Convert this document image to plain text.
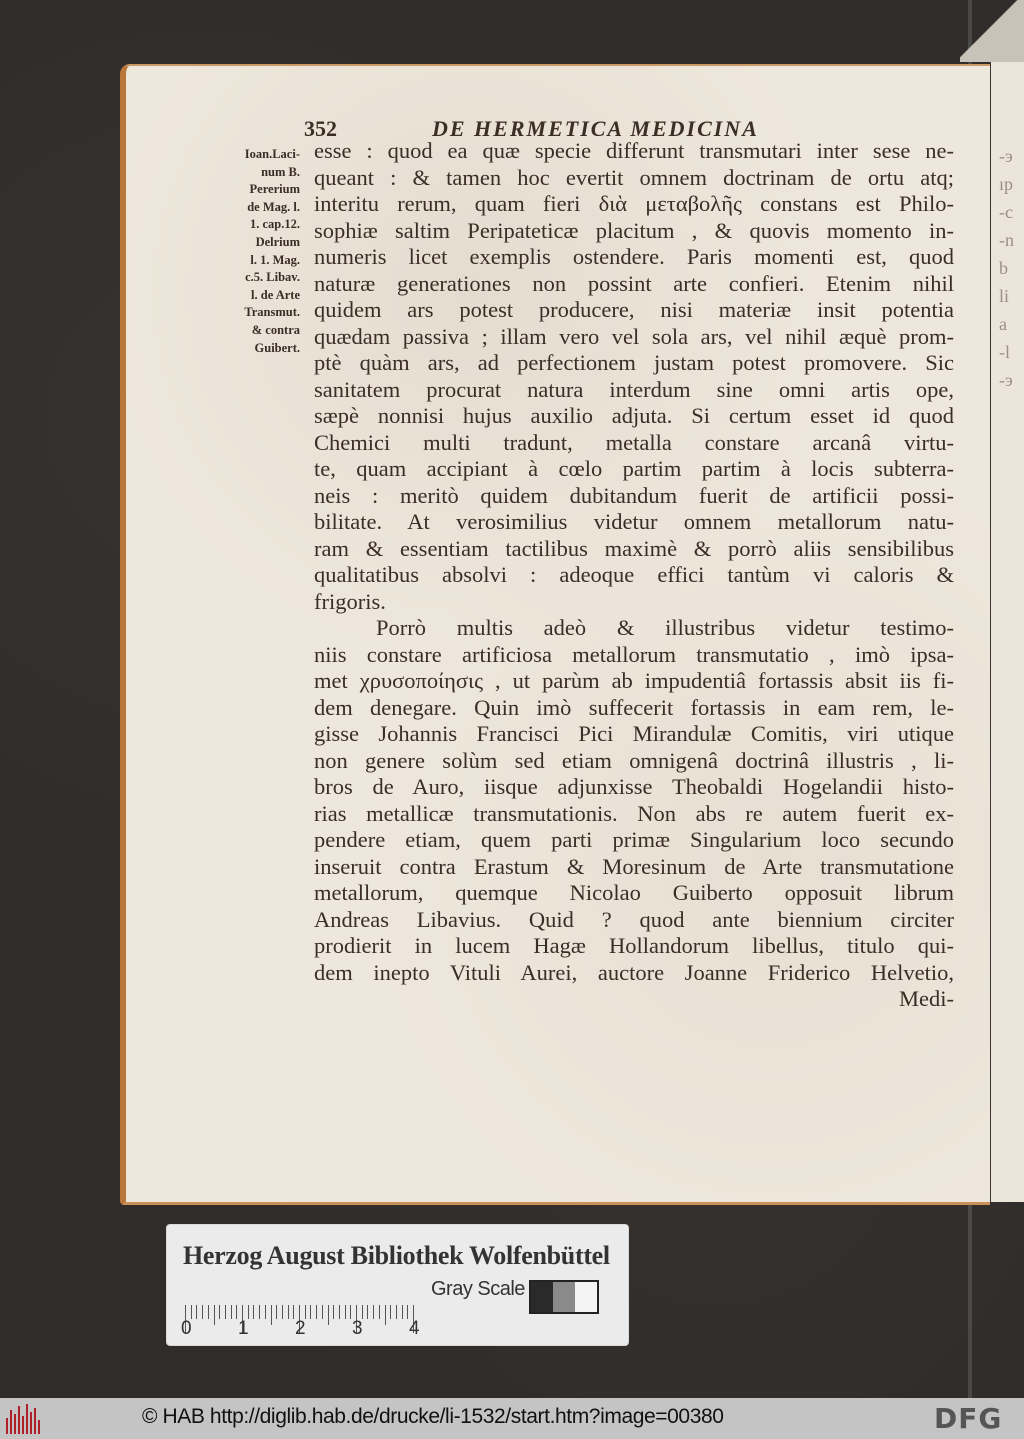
-э
ıp
-c
-n
b
li
a
-l
-э
352	DE HERMETICA MEDICINA
Ioan.Laci-
num B.
Pererium
de Mag. l.
1. cap.12.
Delrium
l. 1. Mag.
c.5. Libav.
l. de Arte
Transmut.
& contra
Guibert.
esse : quod ea quæ specie differunt transmutari inter sese ne-
queant : & tamen hoc evertit omnem doctrinam de ortu atq;
interitu rerum, quam fieri διὰ μεταβολῆς constans est Philo-
sophiæ saltim Peripateticæ placitum , & quovis momento in-
numeris licet exemplis ostendere. Paris momenti est, quod
naturæ generationes non possint arte confieri. Etenim nihil
quidem ars potest producere, nisi materiæ insit potentia
quædam passiva ; illam vero vel sola ars, vel nihil æquè prom-
ptè quàm ars, ad perfectionem justam potest promovere. Sic
sanitatem procurat natura interdum sine omni artis ope,
sæpè nonnisi hujus auxilio adjuta. Si certum esset id quod
Chemici multi tradunt, metalla constare arcanâ virtu-
te, quam accipiant à cœlo partim partim à locis subterra-
neis : meritò quidem dubitandum fuerit de artificii possi-
bilitate. At verosimilius videtur omnem metallorum natu-
ram & essentiam tactilibus maximè & porrò aliis sensibilibus
qualitatibus absolvi : adeoque effici tantùm vi caloris &
frigoris.
Porrò multis adeò & illustribus videtur testimo-
niis constare artificiosa metallorum transmutatio , imò ipsa-
met χρυσοποίησις , ut parùm ab impudentiâ fortassis absit iis fi-
dem denegare. Quin imò suffecerit fortassis in eam rem, le-
gisse Johannis Francisci Pici Mirandulæ Comitis, viri utique
non genere solùm sed etiam omnigenâ doctrinâ illustris , li-
bros de Auro, iisque adjunxisse Theobaldi Hogelandii histo-
rias metallicæ transmutationis. Non abs re autem fuerit ex-
pendere etiam, quem parti primæ Singularium loco secundo
inseruit contra Erastum & Moresinum de Arte transmutatione
metallorum, quemque Nicolao Guiberto opposuit librum
Andreas Libavius. Quid ? quod ante biennium circiter
prodierit in lucem Hagæ Hollandorum libellus, titulo qui-
dem inepto Vituli Aurei, auctore Joanne Friderico Helvetio,
Medi-
Herzog August Bibliothek Wolfenbüttel
0 1 2 3 4
Gray Scale
© HAB http://diglib.hab.de/drucke/li-1532/start.htm?image=00380	DFG
